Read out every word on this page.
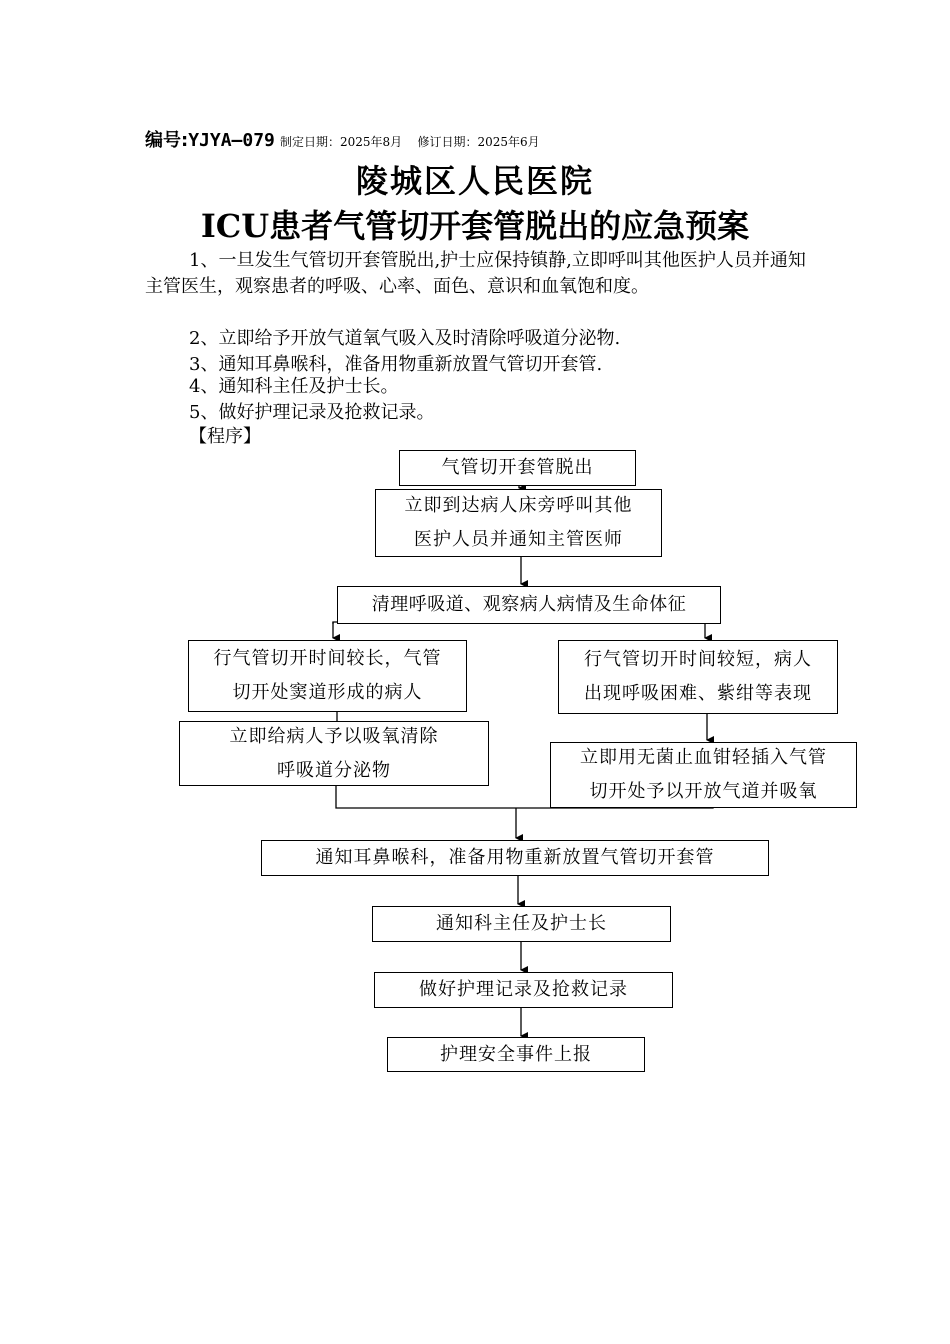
编号:YJYA—079 制定日期：2025年8月 修订日期：2025年6月
陵城区人民医院
ICU患者气管切开套管脱出的应急预案
1、一旦发生气管切开套管脱出,护士应保持镇静,立即呼叫其他医护人员并通知主管医生，观察患者的呼吸、心率、面色、意识和血氧饱和度。
2、立即给予开放气道氧气吸入及时清除呼吸道分泌物.
3、通知耳鼻喉科，准备用物重新放置气管切开套管.
4、通知科主任及护士长。
5、做好护理记录及抢救记录。
【程序】
气管切开套管脱出
立即到达病人床旁呼叫其他
医护人员并通知主管医师
清理呼吸道、观察病人病情及生命体征
行气管切开时间较长，气管
切开处窦道形成的病人
行气管切开时间较短，病人
出现呼吸困难、紫绀等表现
立即给病人予以吸氧清除
呼吸道分泌物
立即用无菌止血钳轻插入气管
切开处予以开放气道并吸氧
通知耳鼻喉科，准备用物重新放置气管切开套管
通知科主任及护士长
做好护理记录及抢救记录
护理安全事件上报
